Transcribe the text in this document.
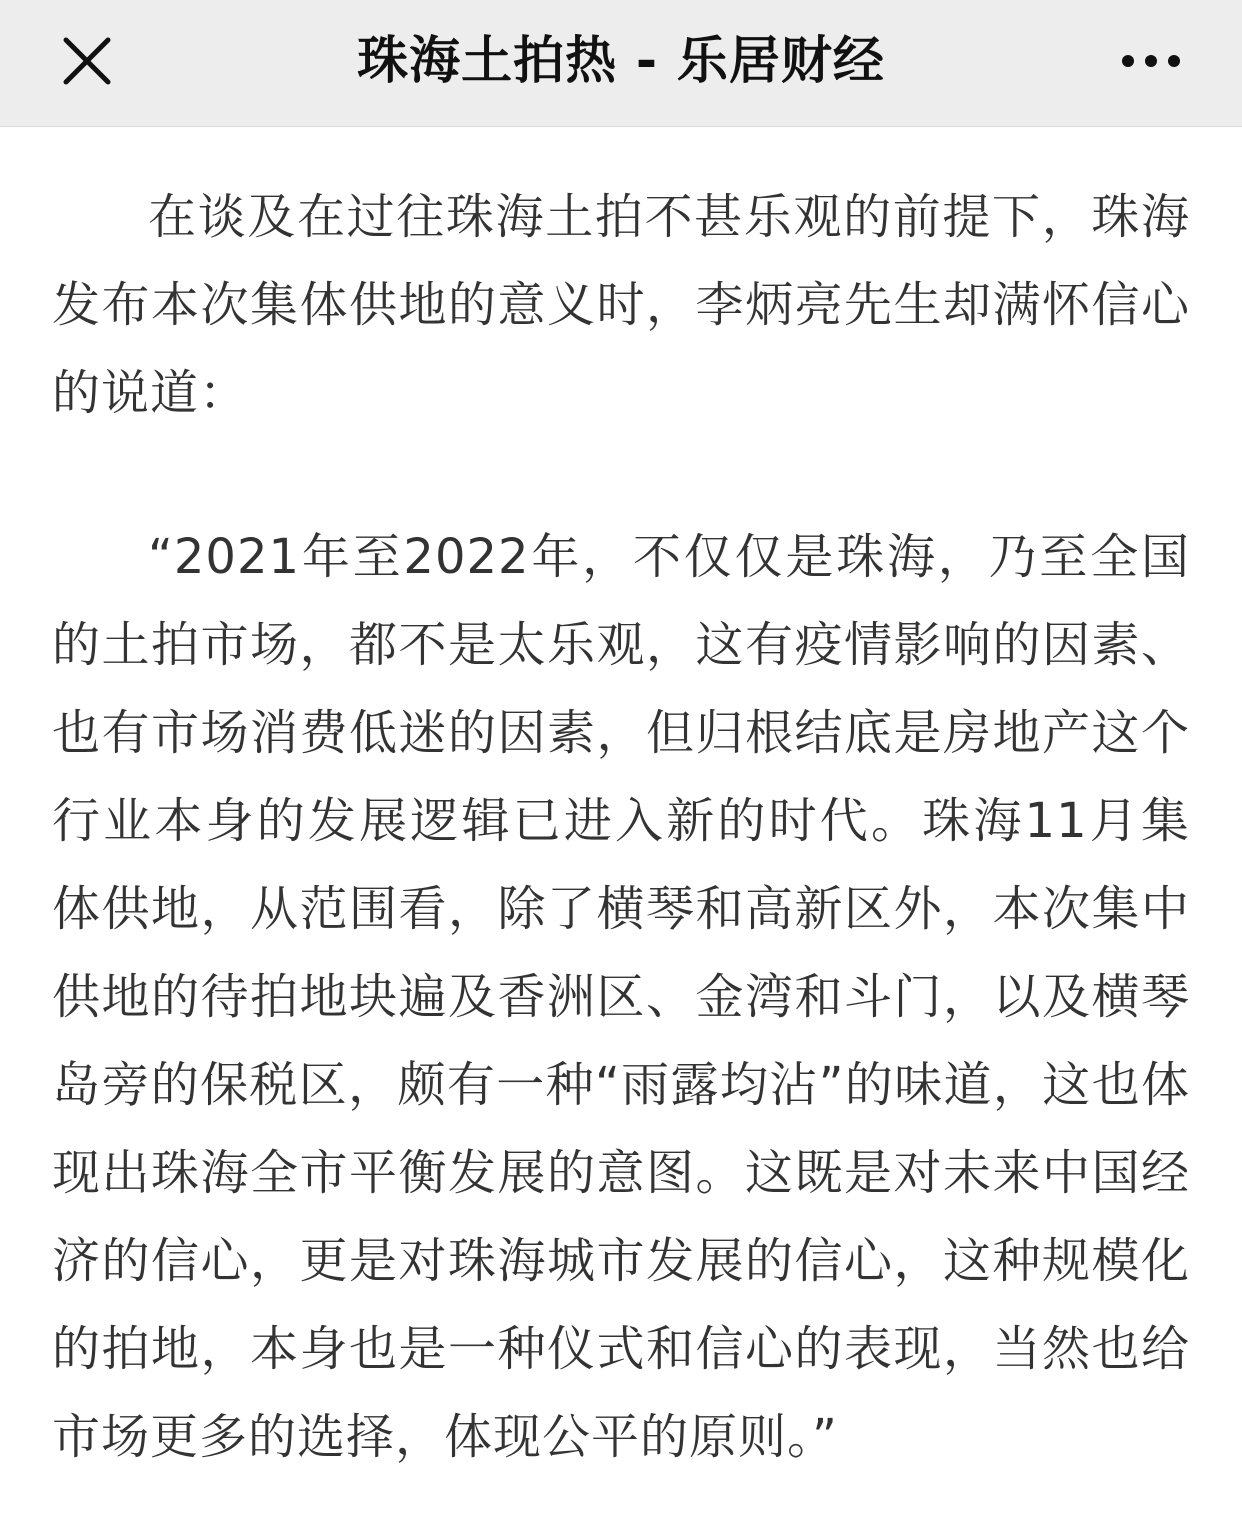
珠海土拍热 - 乐居财经

在谈及在过往珠海土拍不甚乐观的前提下，珠海发布本次集体供地的意义时，李炳亮先生却满怀信心的说道：

“2021年至2022年，不仅仅是珠海，乃至全国的土拍市场，都不是太乐观，这有疫情影响的因素、也有市场消费低迷的因素，但归根结底是房地产这个行业本身的发展逻辑已进入新的时代。珠海11月集体供地，从范围看，除了横琴和高新区外，本次集中供地的待拍地块遍及香洲区、金湾和斗门，以及横琴岛旁的保税区，颇有一种“雨露均沾”的味道，这也体现出珠海全市平衡发展的意图。这既是对未来中国经济的信心，更是对珠海城市发展的信心，这种规模化的拍地，本身也是一种仪式和信心的表现，当然也给市场更多的选择，体现公平的原则。”
